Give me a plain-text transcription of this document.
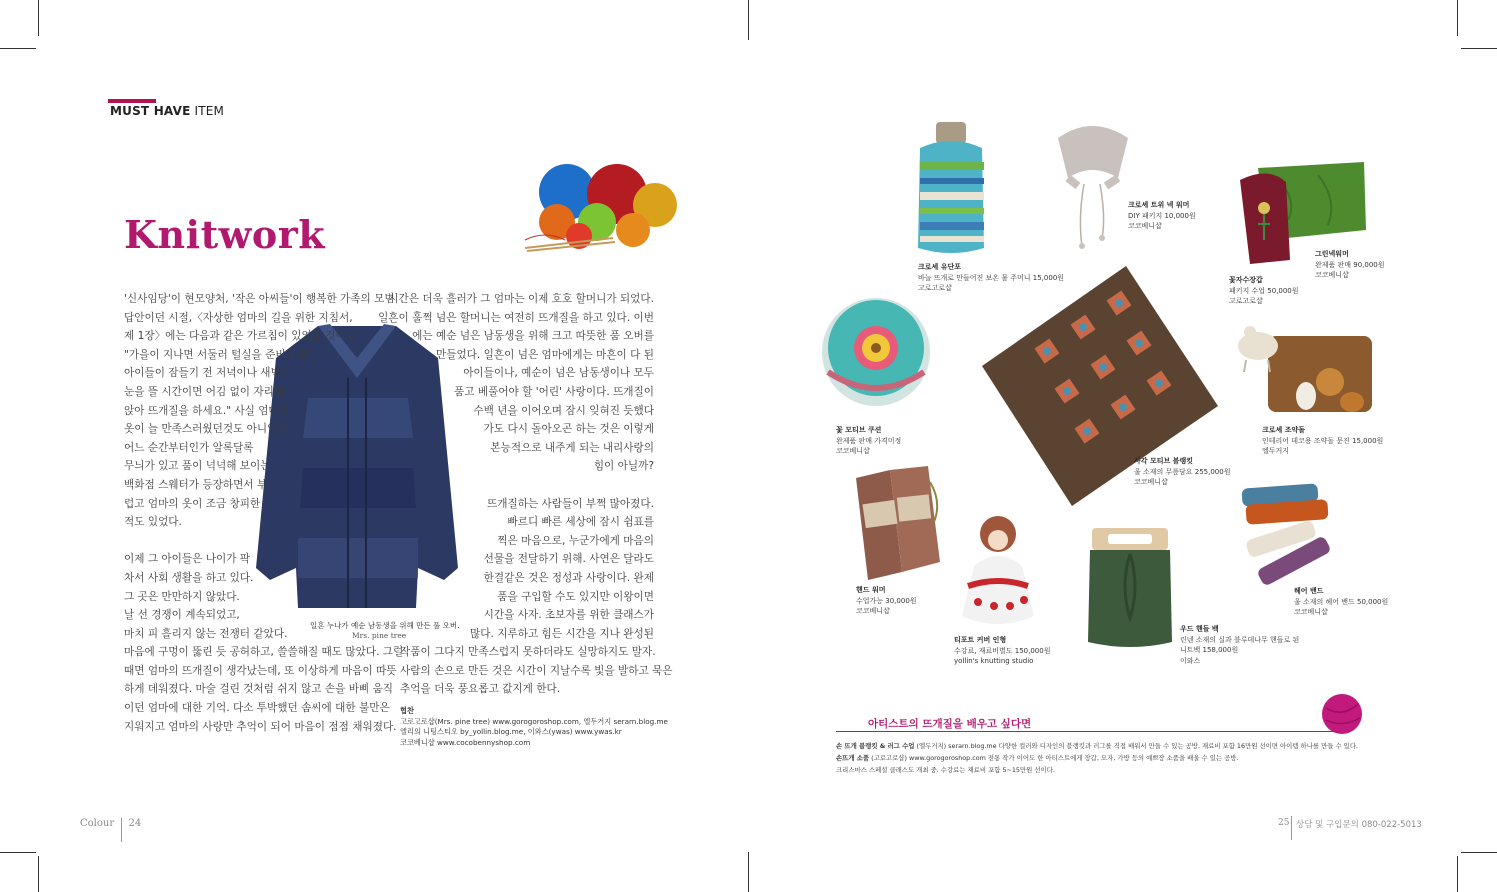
MUST HAVE ITEM
Knitwork
일흔 누나가 예순 남동생을 위해 만든 풀 오버.
Mrs. pine tree
'신사임당'이 현모양처, '작은 아씨들'이 행복한 가족의 모범
답안이던 시절,〈자상한 엄마의 길을 위한 지침서,
제 1장〉에는 다음과 같은 가르침이 있었을 것이다.
"가을이 지나면 서둘러 털실을 준비하세요.
아이들이 잠들기 전 저녁이나 새벽에
눈을 뜰 시간이면 어김 없이 자리에
앉아 뜨개질을 하세요." 사실 엄마의
옷이 늘 만족스러웠던것도 아니었다.
어느 순간부터인가 알록달록
무늬가 있고 품이 넉넉해 보이는
백화점 스웨터가 등장하면서 부
럽고 엄마의 옷이 조금 창피한
적도 있었다.
이제 그 아이들은 나이가 팍
차서 사회 생활을 하고 있다.
그 곳은 만만하지 않았다.
날 선 경쟁이 계속되었고,
마치 피 흘리지 않는 전쟁터 같았다.
마음에 구멍이 뚫린 듯 공허하고, 쓸쓸해질 때도 많았다. 그럴
때면 엄마의 뜨개질이 생각났는데, 또 이상하게 마음이 따뜻
하게 데워졌다. 마술 걸린 것처럼 쉬지 않고 손을 바삐 움직
이던 엄마에 대한 기억. 다소 투박했던 솜씨에 대한 불만은
지워지고 엄마의 사랑만 추억이 되어 마음이 점점 채워졌다.
시간은 더욱 흘러가 그 엄마는 이제 호호 할머니가 되었다.
일흔이 훌쩍 넘은 할머니는 여전히 뜨개질을 하고 있다. 이번
에는 예순 넘은 남동생을 위해 크고 따뜻한 품 오버를
만들었다. 일흔이 넘은 엄마에게는 마흔이 다 된
아이들이나, 예순이 넘은 남동생이나 모두
품고 베풀어야 할 '어린' 사랑이다. 뜨개질이
수백 년을 이어오며 잠시 잊혀진 듯했다
가도 다시 돌아오곤 하는 것은 이렇게
본능적으로 내주게 되는 내리사랑의
힘이 아닐까?
뜨개질하는 사람들이 부쩍 많아졌다.
빠르디 빠른 세상에 잠시 쉼표를
찍은 마음으로, 누군가에게 마음의
선물을 전달하기 위해. 사연은 달라도
한결같은 것은 정성과 사랑이다. 완제
품을 구입할 수도 있지만 이왕이면
시간을 사자. 초보자를 위한 클래스가
많다. 지루하고 힘든 시간을 지나 완성된
작품이 그다지 만족스럽지 못하더라도 실망하지도 말자.
사람의 손으로 만든 것은 시간이 지날수록 빛을 발하고 묵은
추억을 더욱 풍요롭고 값지게 한다.
협찬
고로고로샵(Mrs. pine tree) www.gorogoroshop.com, 엘두거지 serarn.blog.me
엘리의 니팅스티오 by_yollin.blog.me, 이와스(ywas) www.ywas.kr
코코베니샵 www.cocobennyshop.com
크로셰 유단포
바늘 뜨개로 만들어진 보온 물 주머니 15,000원
고로고로샵
크로셰 트위 넥 워머
DIY 패키지 10,000원
코코베니샵
그린넥워머
완제품 판매 90,000원
코코베니샵
꽃자수장갑
패키지 수업 50,000원
고로고로샵
꽃 모티브 쿠션
완제품 판매 가격미정
코코베니샵
사각 모티브 블랭킷
울 소재의 무릎담요 255,000원
코코베니샵
크로셰 조약돌
인테리어 데코용 조약돌 문진 15,000원
엘두거지
핸드 워머
수업가능 30,000원
코코베니샵
티포트 커버 인형
수강료, 재료비별도 150,000원
yollin's knutting studio
우드 핸들 백
린넨 소재의 실과 블루데나무 핸들로 된
니트백 158,000원
이와스
헤어 밴드
울 소재의 헤어 밴드 50,000원
코코베니샵
아티스트의 뜨개질을 배우고 싶다면
손 뜨개 블랭킷 & 러그 수업 (엘두거지) serarn.blog.me 다양한 컬러와 디자인의 블랭킷과 러그를 직접 배워서 만들 수 있는 공방. 재료비 포함 16만원 선이면 아이템 하나를 만들 수 있다.
손뜨개 소품 (고로고로샵) www.gorogoroshop.com 전통 작가 이어도 한 아티스트에게 장갑, 모자, 가방 등의 예쁘장 소품을 배울 수 있는 공방.
크리스마스 스페셜 클래스도 개최 중. 수강료는 재료비 포함 5~15만원 선이다.
Colour 24	25 상담 및 구입문의 080-022-5013
